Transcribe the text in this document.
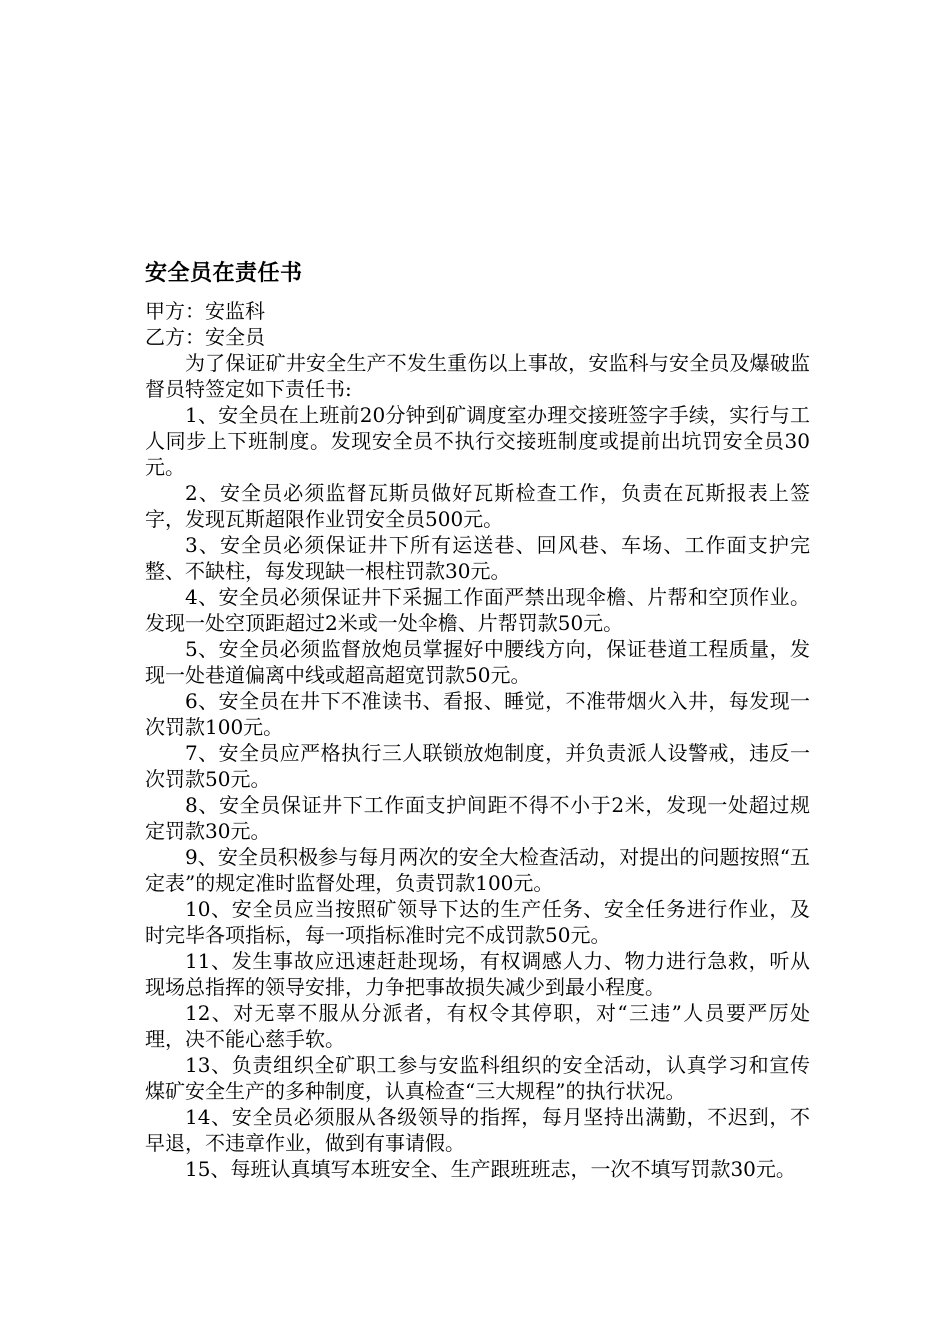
安全员在责任书

甲方：安监科

乙方：安全员

为了保证矿井安全生产不发生重伤以上事故，安监科与安全员及爆破监督员特签定如下责任书:

1、安全员在上班前20分钟到矿调度室办理交接班签字手续，实行与工人同步上下班制度。发现安全员不执行交接班制度或提前出坑罚安全员30元。

2、安全员必须监督瓦斯员做好瓦斯检查工作，负责在瓦斯报表上签字，发现瓦斯超限作业罚安全员500元。

3、安全员必须保证井下所有运送巷、回风巷、车场、工作面支护完整、不缺柱，每发现缺一根柱罚款30元。

4、安全员必须保证井下采掘工作面严禁出现伞檐、片帮和空顶作业。发现一处空顶距超过2米或一处伞檐、片帮罚款50元。

5、安全员必须监督放炮员掌握好中腰线方向，保证巷道工程质量，发现一处巷道偏离中线或超高超宽罚款50元。

6、安全员在井下不准读书、看报、睡觉，不准带烟火入井，每发现一次罚款100元。

7、安全员应严格执行三人联锁放炮制度，并负责派人设警戒，违反一次罚款50元。

8、安全员保证井下工作面支护间距不得不小于2米，发现一处超过规定罚款30元。

9、安全员积极参与每月两次的安全大检查活动，对提出的问题按照“五定表”的规定准时监督处理，负责罚款100元。

10、安全员应当按照矿领导下达的生产任务、安全任务进行作业，及时完毕各项指标，每一项指标准时完不成罚款50元。

11、发生事故应迅速赶赴现场，有权调感人力、物力进行急救，听从现场总指挥的领导安排，力争把事故损失减少到最小程度。

12、对无辜不服从分派者，有权令其停职，对“三违”人员要严厉处理，决不能心慈手软。

13、负责组织全矿职工参与安监科组织的安全活动，认真学习和宣传煤矿安全生产的多种制度，认真检查“三大规程”的执行状况。

14、安全员必须服从各级领导的指挥，每月坚持出满勤，不迟到，不早退，不违章作业，做到有事请假。

15、每班认真填写本班安全、生产跟班班志，一次不填写罚款30元。
